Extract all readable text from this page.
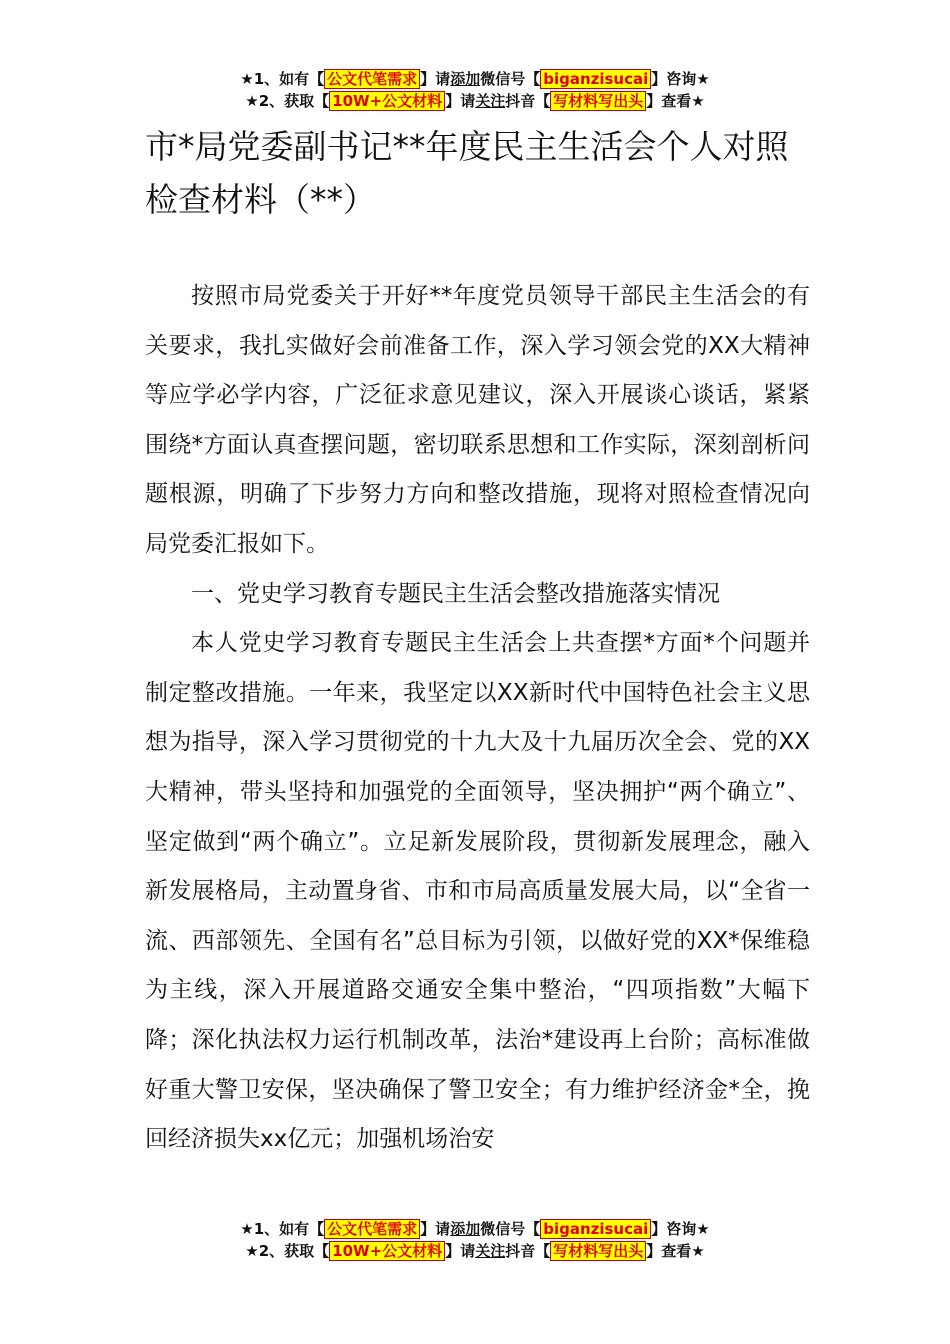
★1、如有【 公文代笔需求 】请添加微信号【 biganzisucai 】咨询★
★2、获取【 10W+公文材料 】请关注抖音【 写材料写出头 】查看★
市*局党委副书记**年度民主生活会个人对照检查材料（**）

按照市局党委关于开好**年度党员领导干部民主生活会的有关要求，我扎实做好会前准备工作，深入学习领会党的XX大精神等应学必学内容，广泛征求意见建议，深入开展谈心谈话，紧紧围绕*方面认真查摆问题，密切联系思想和工作实际，深刻剖析问题根源，明确了下步努力方向和整改措施，现将对照检查情况向局党委汇报如下。

一、党史学习教育专题民主生活会整改措施落实情况

本人党史学习教育专题民主生活会上共查摆*方面*个问题并制定整改措施。一年来，我坚定以XX新时代中国特色社会主义思想为指导，深入学习贯彻党的十九大及十九届历次全会、党的XX大精神，带头坚持和加强党的全面领导，坚决拥护“两个确立”、坚定做到“两个确立”。立足新发展阶段，贯彻新发展理念，融入新发展格局，主动置身省、市和市局高质量发展大局，以“全省一流、西部领先、全国有名”总目标为引领，以做好党的XX*保维稳为主线，深入开展道路交通安全集中整治，“四项指数”大幅下降；深化执法权力运行机制改革，法治*建设再上台阶；高标准做好重大警卫安保，坚决确保了警卫安全；有力维护经济金*全，挽回经济损失xx亿元；加强机场治安

★1、如有【 公文代笔需求 】请添加微信号【 biganzisucai 】咨询★
★2、获取【 10W+公文材料 】请关注抖音【 写材料写出头 】查看★
